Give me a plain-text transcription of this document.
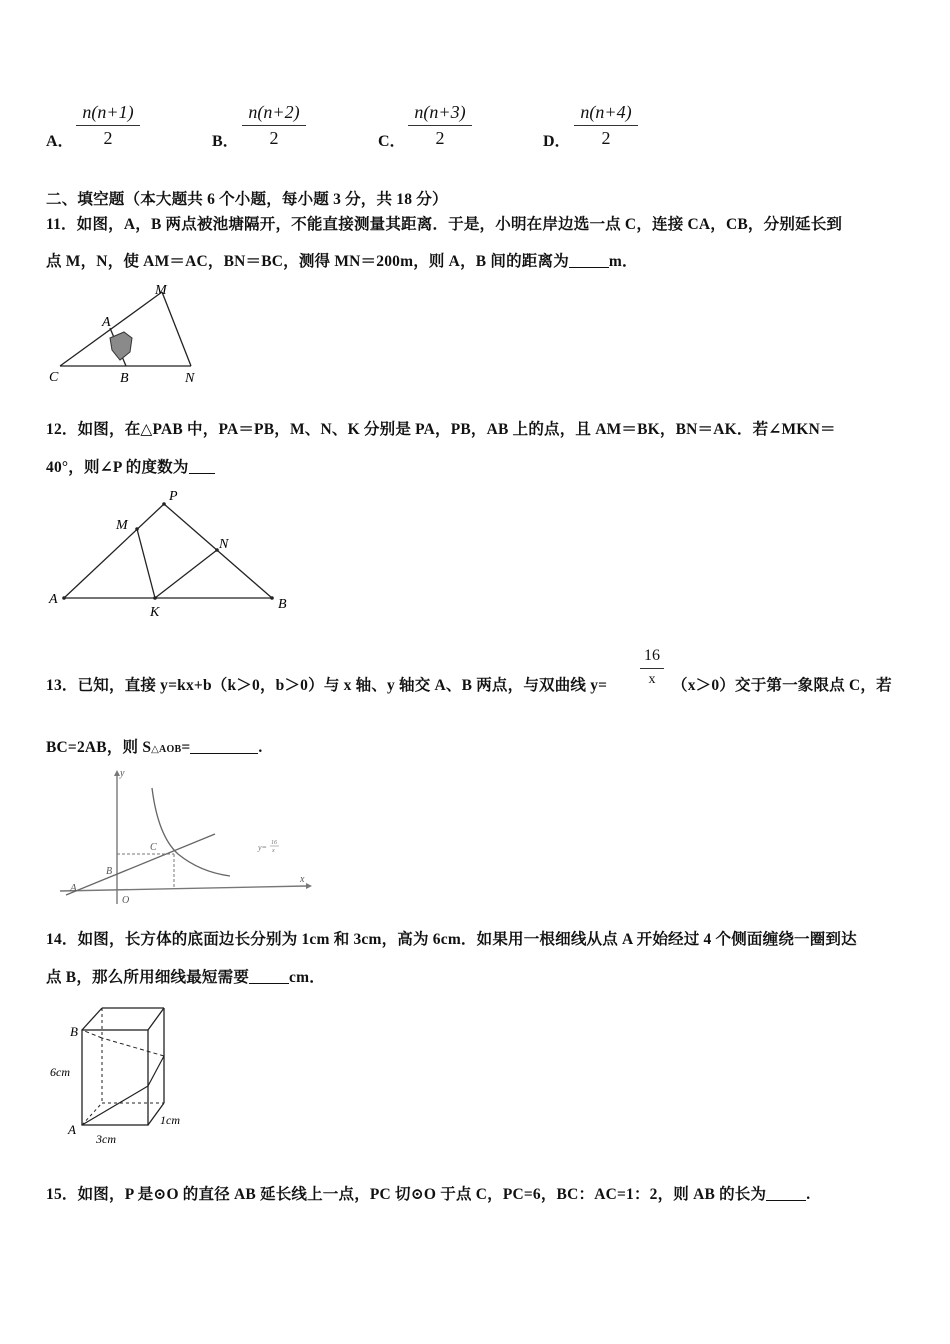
A．
n(n+1)
2	B．
n(n+2)
2	C．
n(n+3)
2	D．
n(n+4)
2
二、填空题（本大题共 6 个小题，每小题 3 分，共 18 分）
11．如图，A，B 两点被池塘隔开，不能直接测量其距离．于是，小明在岸边选一点 C，连接 CA，CB，分别延长到
点 M，N，使 AM＝AC，BN＝BC，测得 MN＝200m，则 A，B 间的距离为	m．
M
A
C	B	N
12．如图，在△PAB 中，PA＝PB，M、N、K 分别是 PA，PB，AB 上的点，且 AM＝BK，BN＝AK．若∠MKN＝
40°，则∠P 的度数为
P
M
N
A
K
B
13．已知，直接 y=kx+b（k＞0，b＞0）与 x 轴、y 轴交 A、B 两点，与双曲线 y=
16
x	（x＞0）交于第一象限点 C，若
BC=2AB，则 S△AOB=	.
y
x
O
A
B
C	y= 16
x
14．如图，长方体的底面边长分别为 1cm 和 3cm，高为 6cm．如果用一根细线从点 A 开始经过 4 个侧面缠绕一圈到达
点 B，那么所用细线最短需要	cm．
B
A
6cm
3cm
1cm
15．如图，P 是⊙O 的直径 AB 延长线上一点，PC 切⊙O 于点 C，PC=6，BC：AC=1：2，则 AB 的长为	.
